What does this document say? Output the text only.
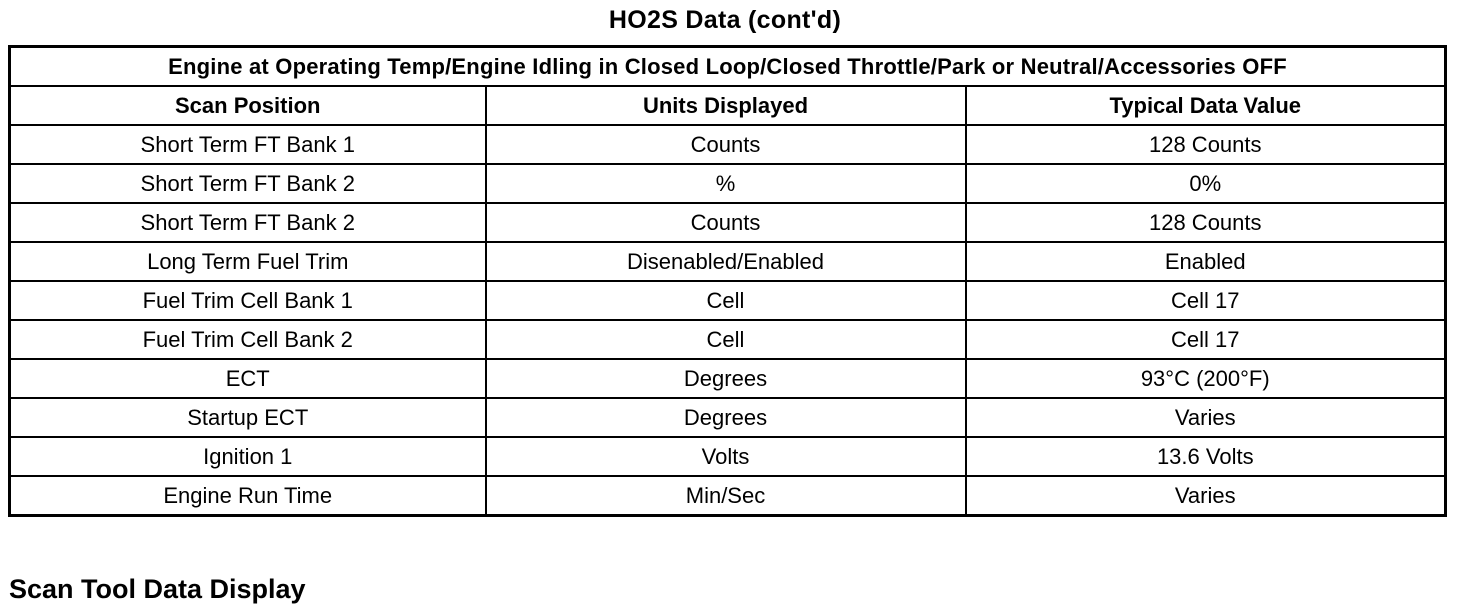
HO2S Data (cont'd)
Engine at Operating Temp/Engine Idling in Closed Loop/Closed Throttle/Park or Neutral/Accessories OFF		
Scan Position	Units Displayed	Typical Data Value
Short Term FT Bank 1	Counts	128 Counts
Short Term FT Bank 2	%	0%
Short Term FT Bank 2	Counts	128 Counts
Long Term Fuel Trim	Disenabled/Enabled	Enabled
Fuel Trim Cell Bank 1	Cell	Cell 17
Fuel Trim Cell Bank 2	Cell	Cell 17
ECT	Degrees	93°C (200°F)
Startup ECT	Degrees	Varies
Ignition 1	Volts	13.6 Volts
Engine Run Time	Min/Sec	Varies
Scan Tool Data Display
